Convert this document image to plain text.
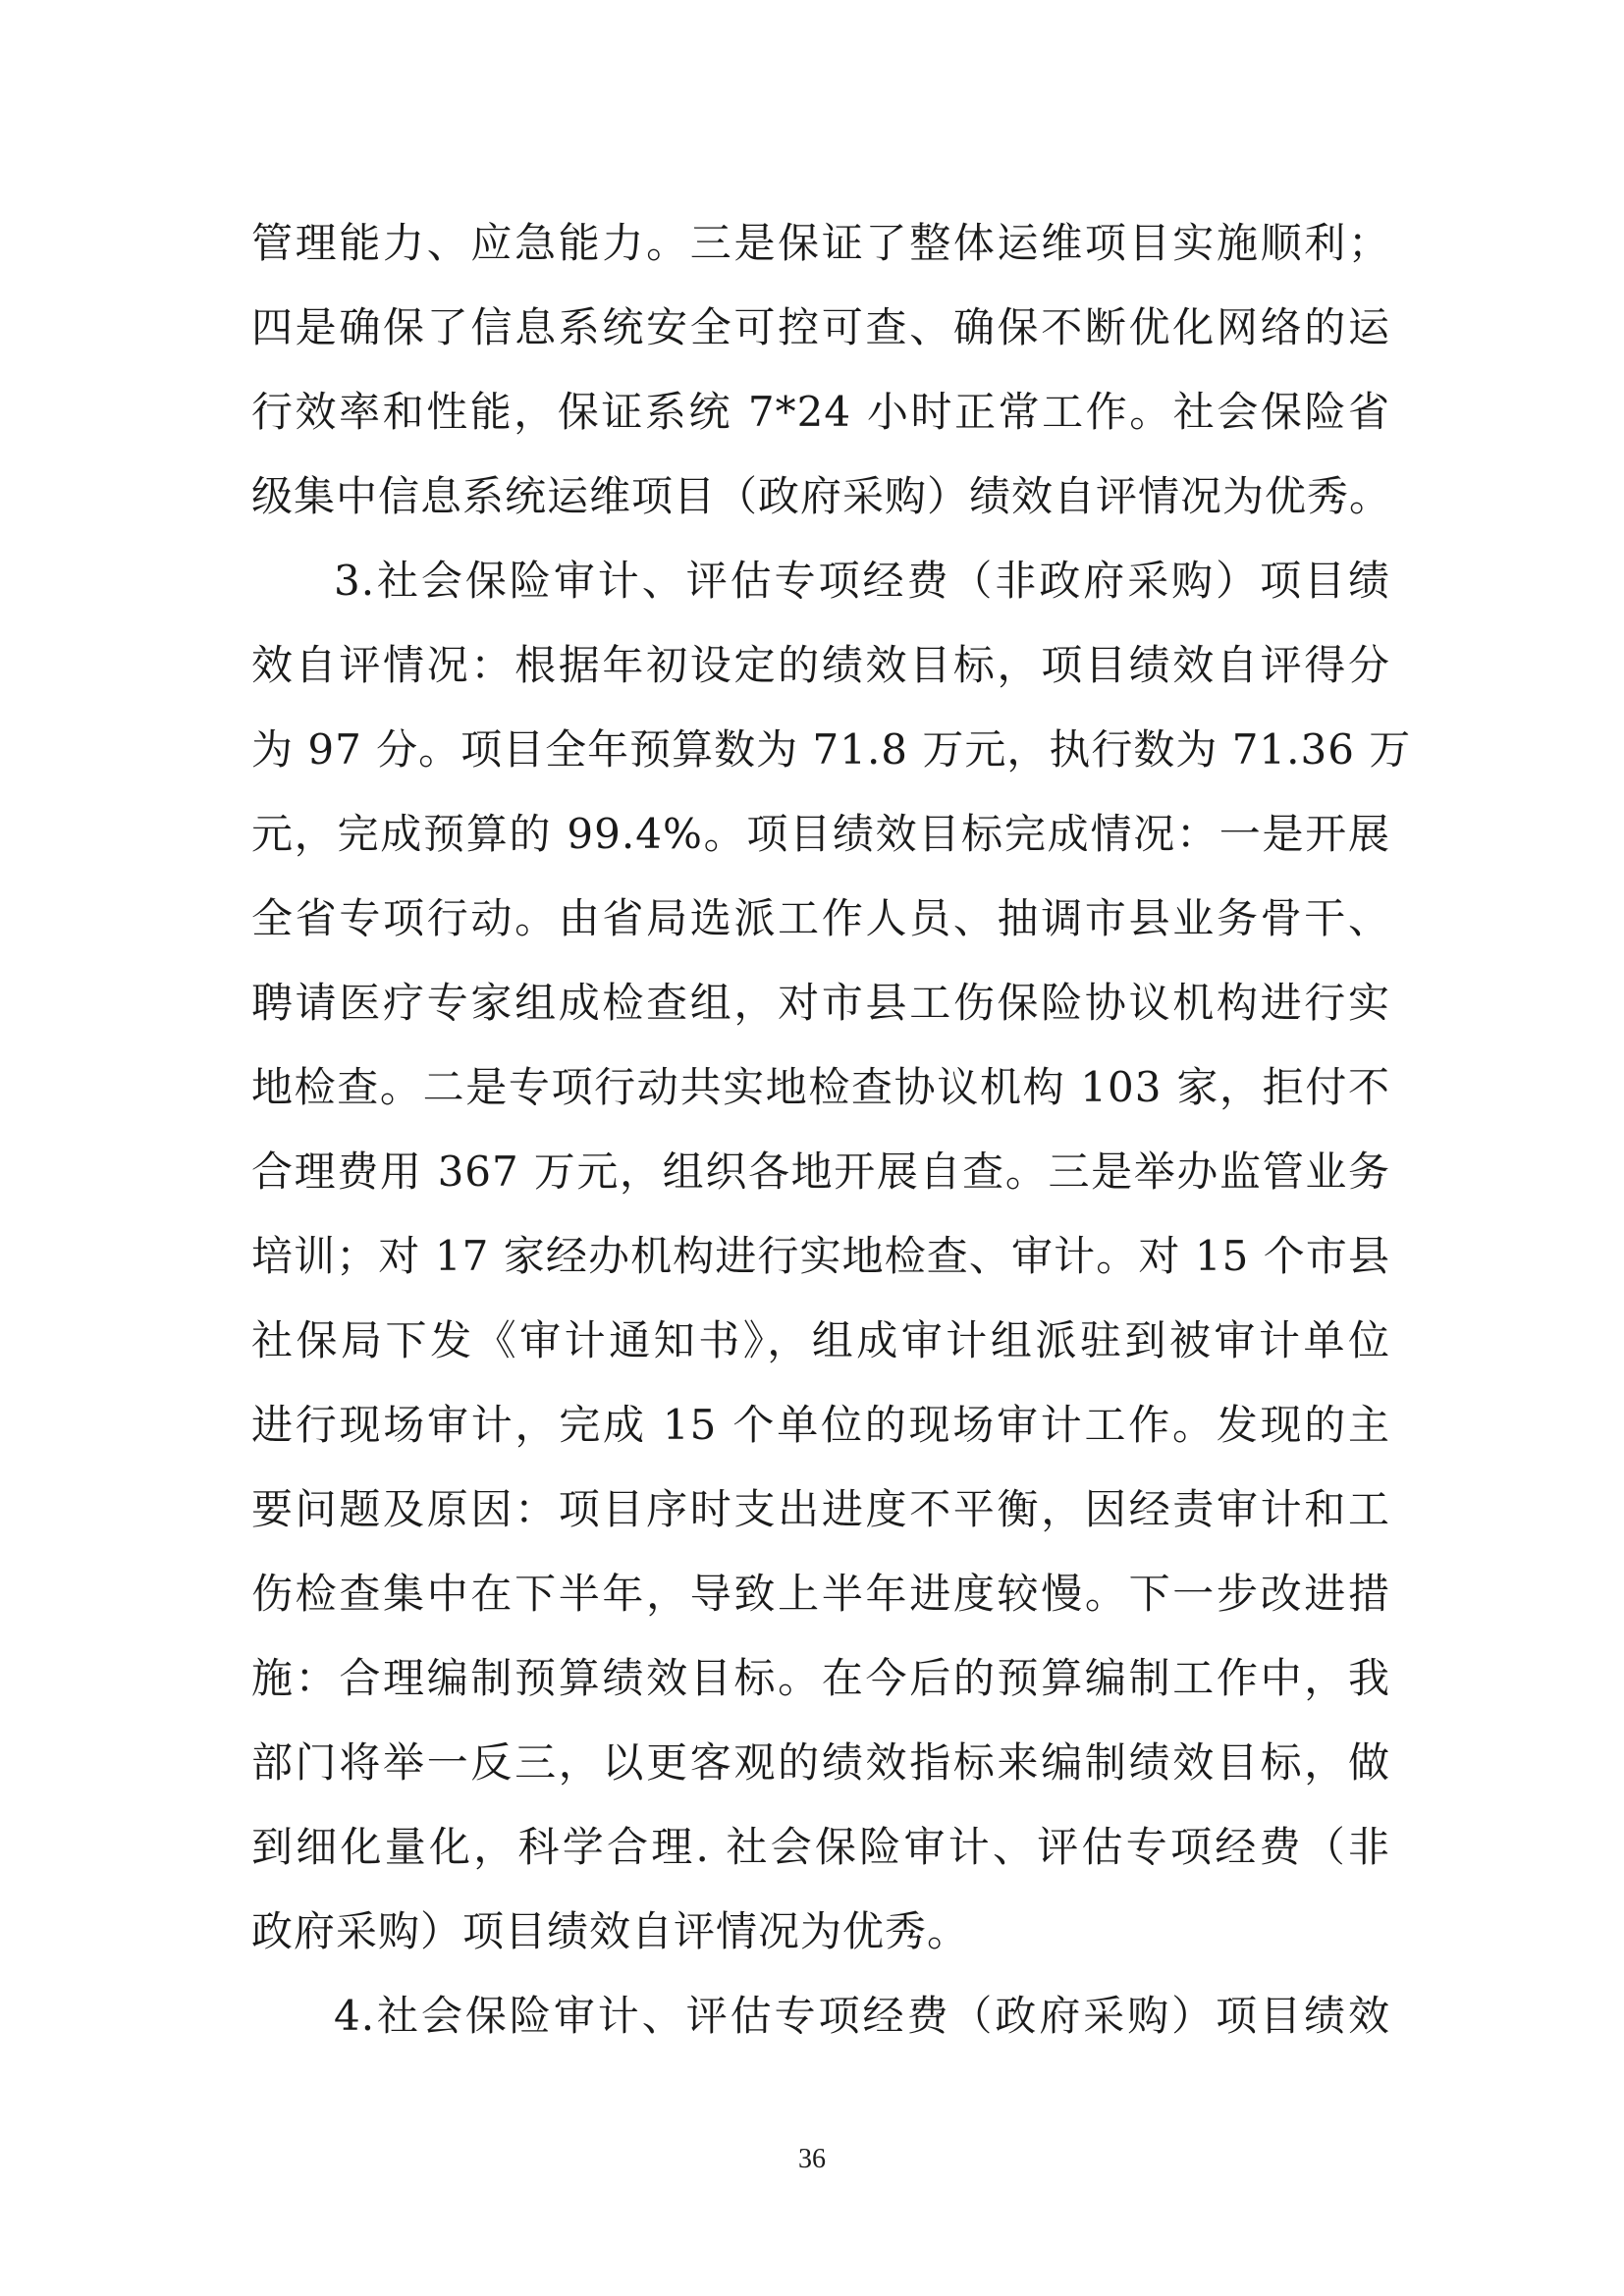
管理能力、应急能力。三是保证了整体运维项目实施顺利；
四是确保了信息系统安全可控可查、确保不断优化网络的运
行效率和性能，保证系统 7*24 小时正常工作。社会保险省
级集中信息系统运维项目（政府采购）绩效自评情况为优秀。
3.社会保险审计、评估专项经费（非政府采购）项目绩
效自评情况：根据年初设定的绩效目标，项目绩效自评得分
为 97 分。项目全年预算数为 71.8 万元，执行数为 71.36 万
元，完成预算的 99.4%。项目绩效目标完成情况：一是开展
全省专项行动。由省局选派工作人员、抽调市县业务骨干、
聘请医疗专家组成检查组，对市县工伤保险协议机构进行实
地检查。二是专项行动共实地检查协议机构 103 家，拒付不
合理费用 367 万元，组织各地开展自查。三是举办监管业务
培训；对 17 家经办机构进行实地检查、审计。对 15 个市县
社保局下发《审计通知书》，组成审计组派驻到被审计单位
进行现场审计，完成 15 个单位的现场审计工作。发现的主
要问题及原因：项目序时支出进度不平衡，因经责审计和工
伤检查集中在下半年，导致上半年进度较慢。下一步改进措
施：合理编制预算绩效目标。在今后的预算编制工作中，我
部门将举一反三，以更客观的绩效指标来编制绩效目标，做
到细化量化，科学合理. 社会保险审计、评估专项经费（非
政府采购）项目绩效自评情况为优秀。
4.社会保险审计、评估专项经费（政府采购）项目绩效
36
